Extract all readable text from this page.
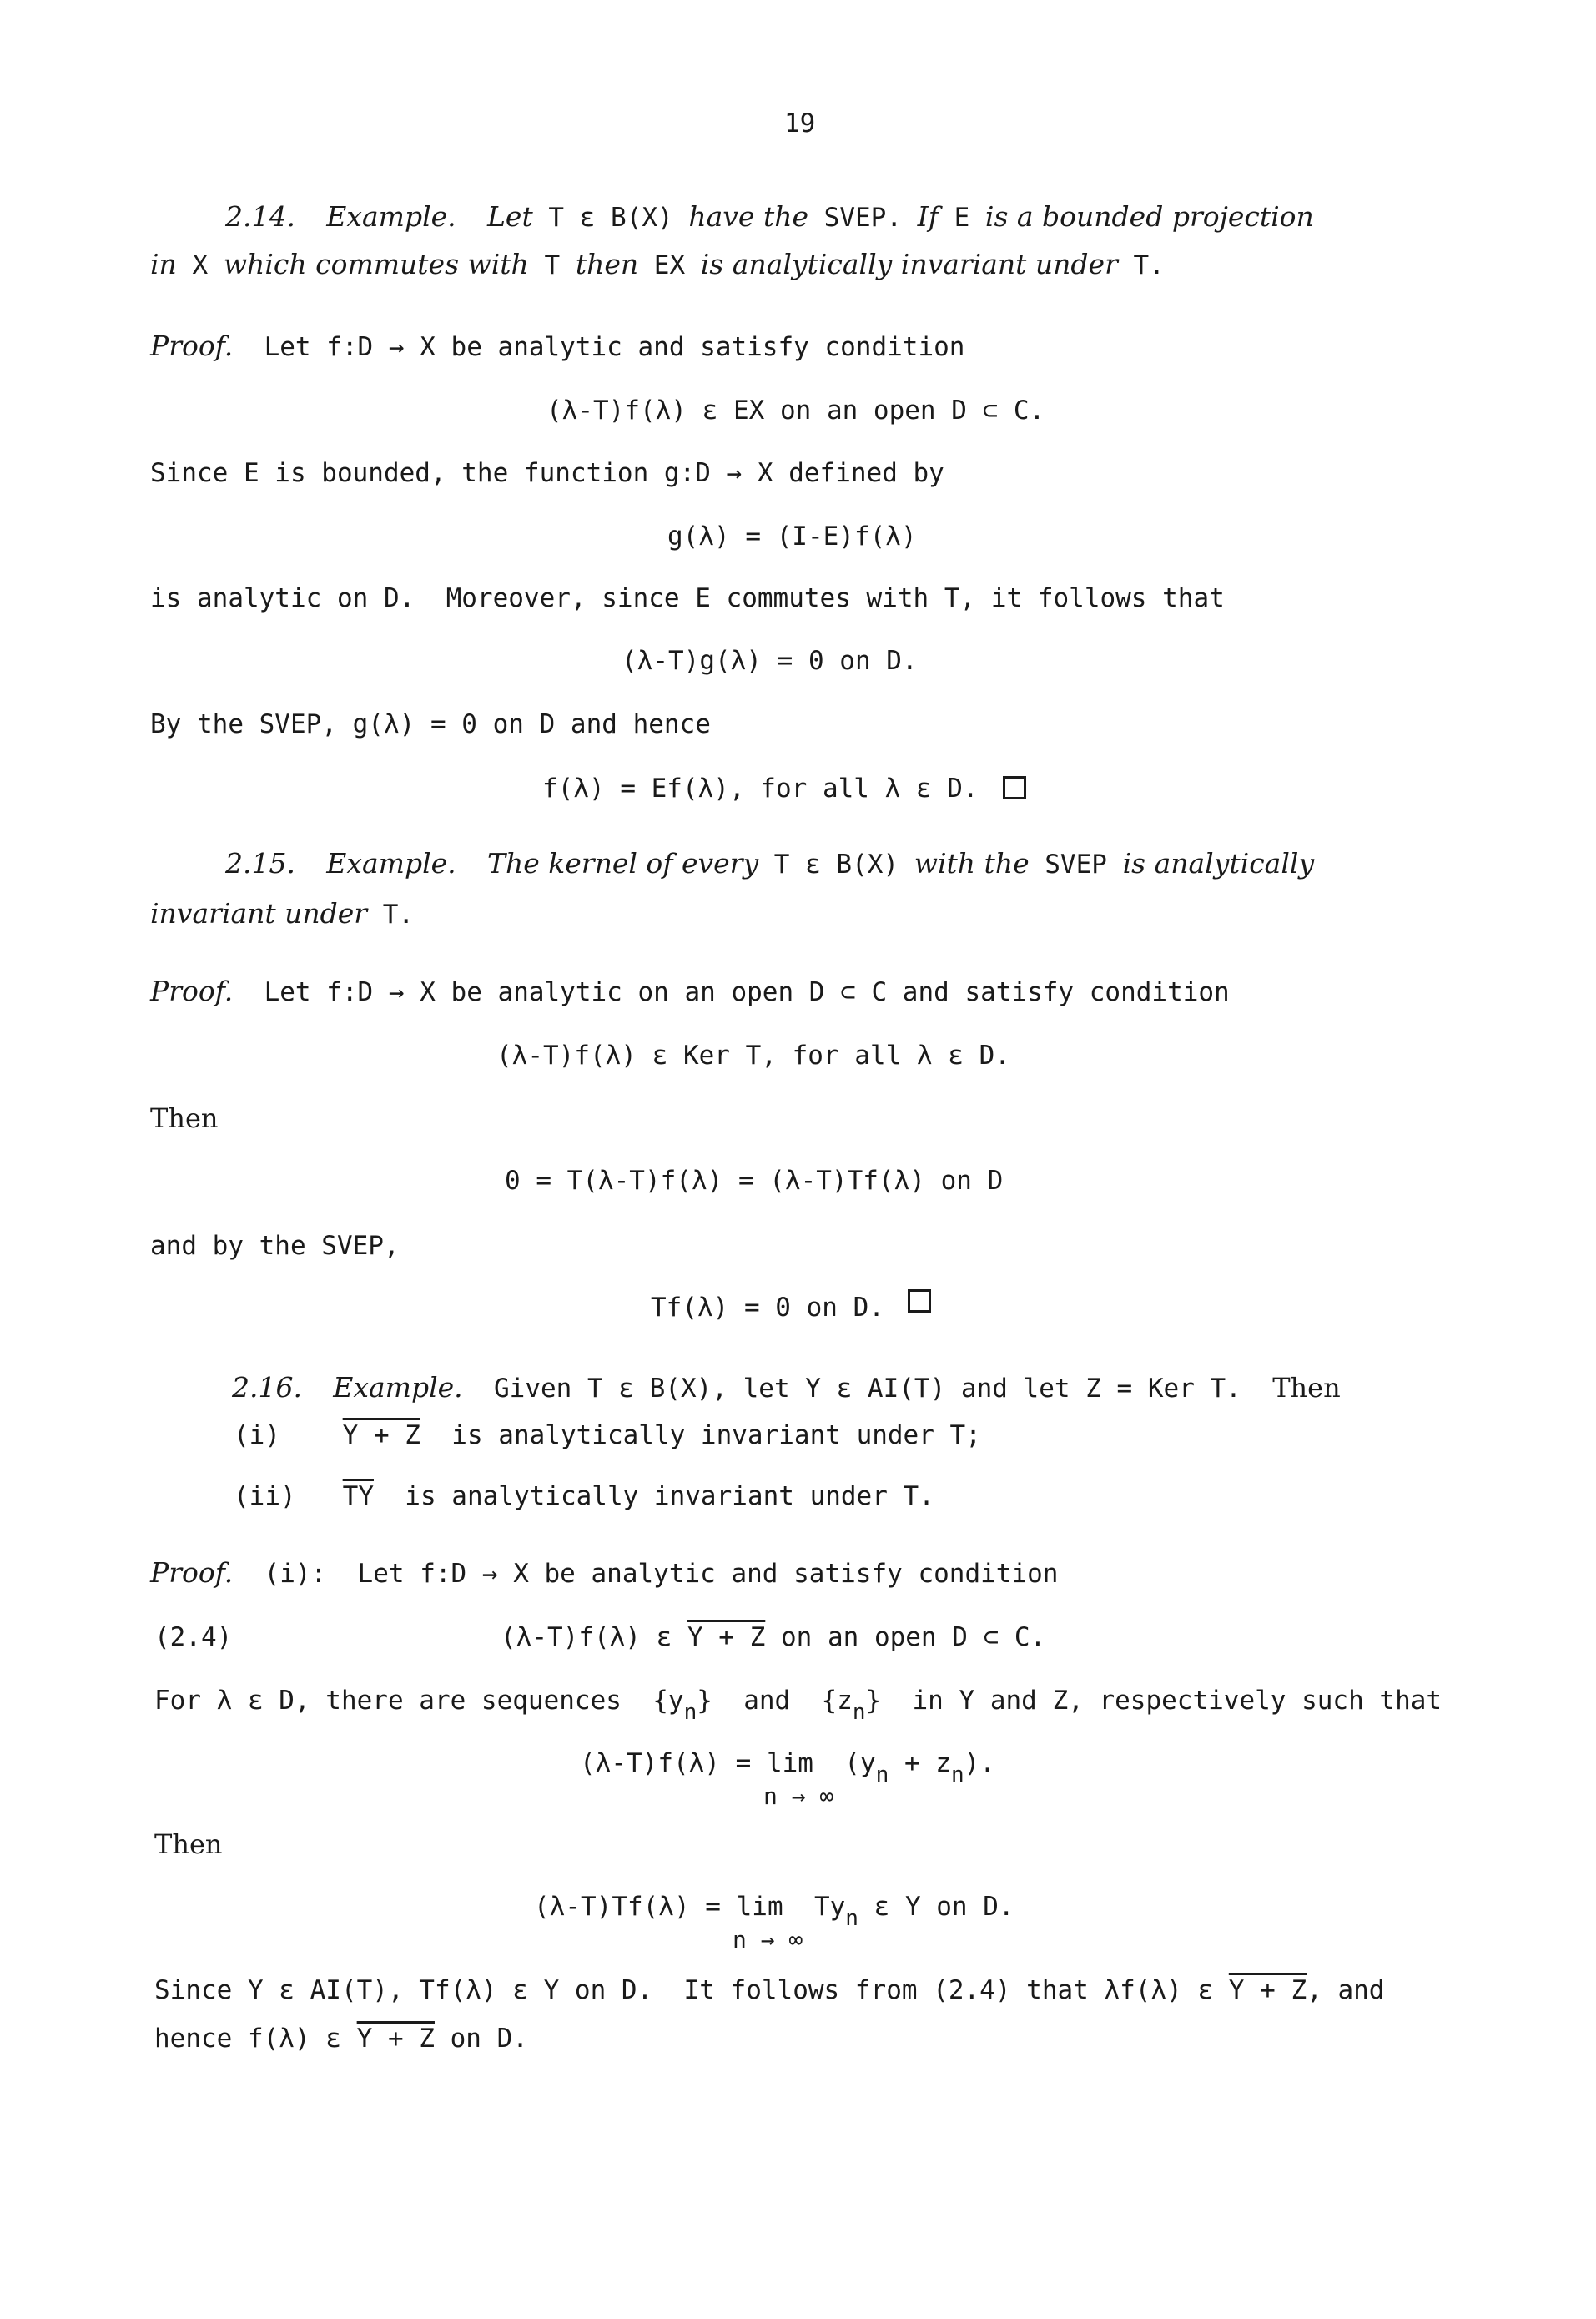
19
2.14. Example. Let T ε B(X) have the SVEP. If E is a bounded projection
in X which commutes with T then EX is analytically invariant under T.
Proof.  Let f:D → X be analytic and satisfy condition
(λ-T)f(λ) ε EX on an open D ⊂ C.
Since E is bounded, the function g:D → X defined by
g(λ) = (I-E)f(λ)
is analytic on D.  Moreover, since E commutes with T, it follows that
(λ-T)g(λ) = 0 on D.
By the SVEP, g(λ) = 0 on D and hence
f(λ) = Ef(λ), for all λ ε D.
2.15. Example. The kernel of every T ε B(X) with the SVEP is analytically
invariant under T.
Proof.  Let f:D → X be analytic on an open D ⊂ C and satisfy condition
(λ-T)f(λ) ε Ker T, for all λ ε D.
Then
0 = T(λ-T)f(λ) = (λ-T)Tf(λ) on D
and by the SVEP,
Tf(λ) = 0 on D.
2.16. Example.  Given T ε B(X), let Y ε AI(T) and let Z = Ker T. Then
(i) Y + Z  is analytically invariant under T;
(ii) $\overline{TY}$  is analytically invariant under T.
Proof.  (i):  Let f:D → X be analytic and satisfy condition
(2.4)	(λ-T)f(λ) ε Y + Z on an open D ⊂ C.
For λ ε D, there are sequences  $\{y_n\}$  and  $\{z_n\}$  in Y and Z, respectively such that
$(\lambda-T)f(\lambda) = \lim (y_n + z_n)$.
n → ∞
Then
$(\lambda-T)Tf(\lambda) = \lim Ty_n$ ε Y on D.
n → ∞
Since Y ε AI(T), Tf(λ) ε Y on D.  It follows from (2.4) that λf(λ) ε Y + Z, and
hence f(λ) ε Y + Z on D.
